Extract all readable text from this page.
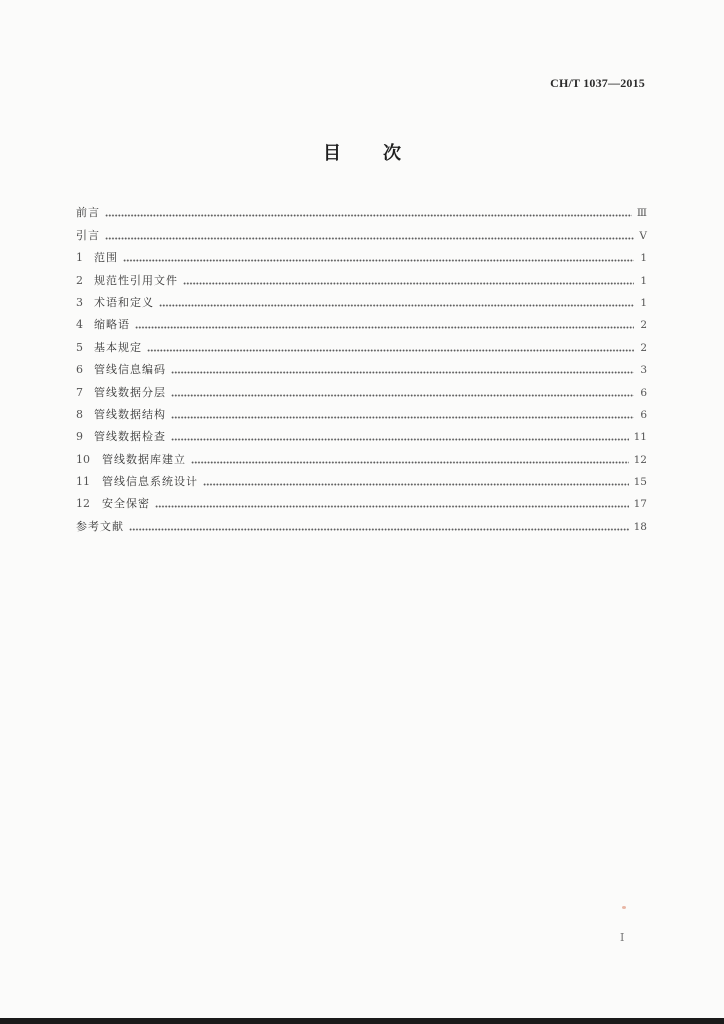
CH/T 1037—2015
目 次
前言	Ⅲ
引言	Ⅴ
1	范围	1
2	规范性引用文件	1
3	术语和定义	1
4	缩略语	2
5	基本规定	2
6	管线信息编码	3
7	管线数据分层	6
8	管线数据结构	6
9	管线数据检查	11
10	管线数据库建立	12
11	管线信息系统设计	15
12	安全保密	17
参考文献	18
I
